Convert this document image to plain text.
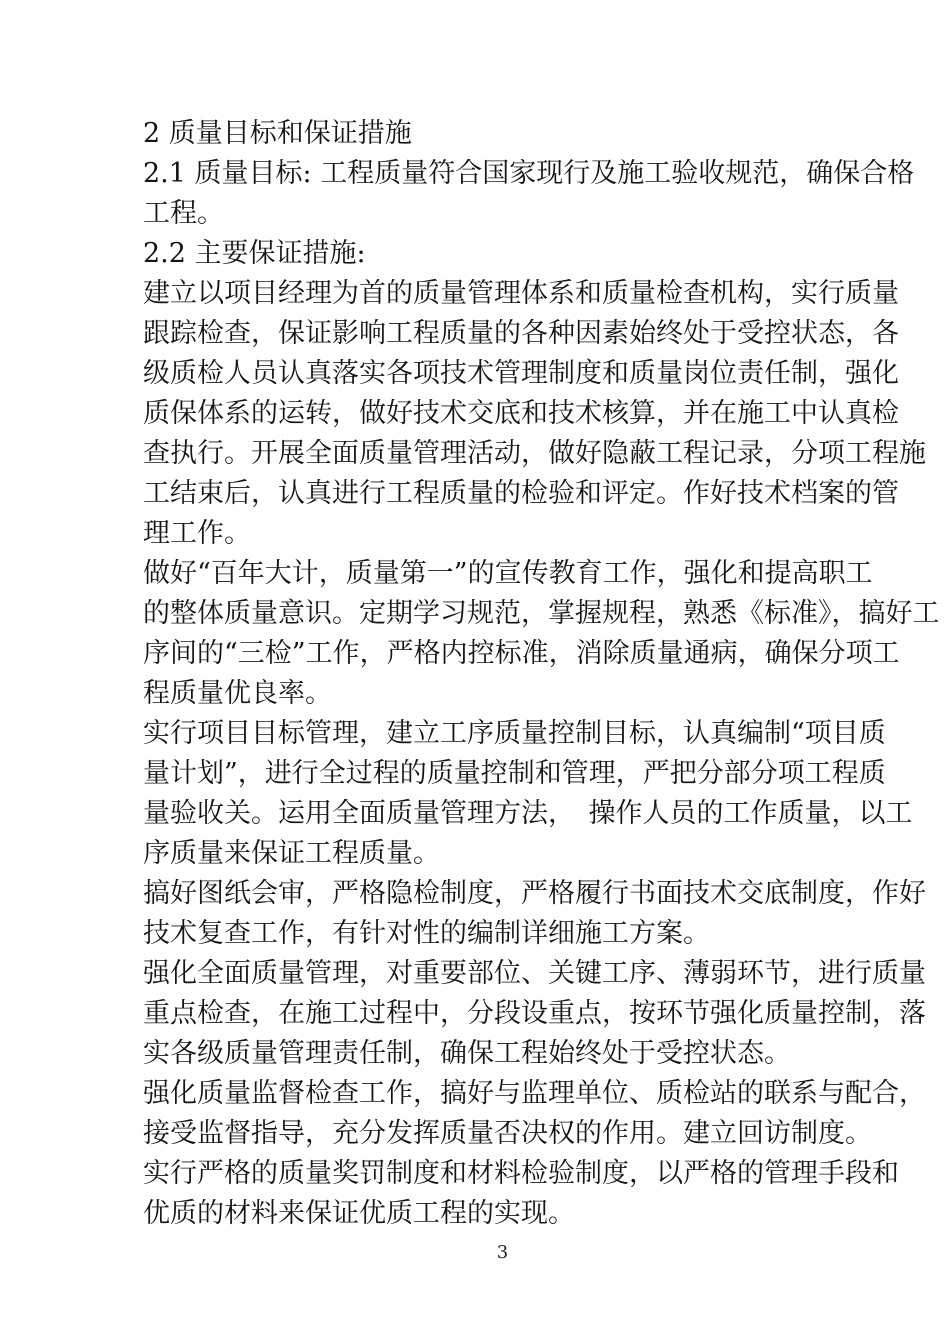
2 质量目标和保证措施
2.1 质量目标: 工程质量符合国家现行及施工验收规范，确保合格
工程。
2.2 主要保证措施:
建立以项目经理为首的质量管理体系和质量检查机构，实行质量
跟踪检查，保证影响工程质量的各种因素始终处于受控状态，各
级质检人员认真落实各项技术管理制度和质量岗位责任制，强化
质保体系的运转，做好技术交底和技术核算，并在施工中认真检
查执行。开展全面质量管理活动，做好隐蔽工程记录，分项工程施
工结束后，认真进行工程质量的检验和评定。作好技术档案的管
理工作。
做好“百年大计，质量第一”的宣传教育工作，强化和提高职工
的整体质量意识。定期学习规范，掌握规程，熟悉《标准》，搞好工
序间的“三检”工作，严格内控标准，消除质量通病，确保分项工
程质量优良率。
实行项目目标管理，建立工序质量控制目标，认真编制“项目质
量计划”，进行全过程的质量控制和管理，严把分部分项工程质
量验收关。运用全面质量管理方法，　操作人员的工作质量，以工
序质量来保证工程质量。
搞好图纸会审，严格隐检制度，严格履行书面技术交底制度，作好
技术复查工作，有针对性的编制详细施工方案。
强化全面质量管理，对重要部位、关键工序、薄弱环节，进行质量
重点检查，在施工过程中，分段设重点，按环节强化质量控制，落
实各级质量管理责任制，确保工程始终处于受控状态。
强化质量监督检查工作，搞好与监理单位、质检站的联系与配合，
接受监督指导，充分发挥质量否决权的作用。建立回访制度。
实行严格的质量奖罚制度和材料检验制度，以严格的管理手段和
优质的材料来保证优质工程的实现。
3
